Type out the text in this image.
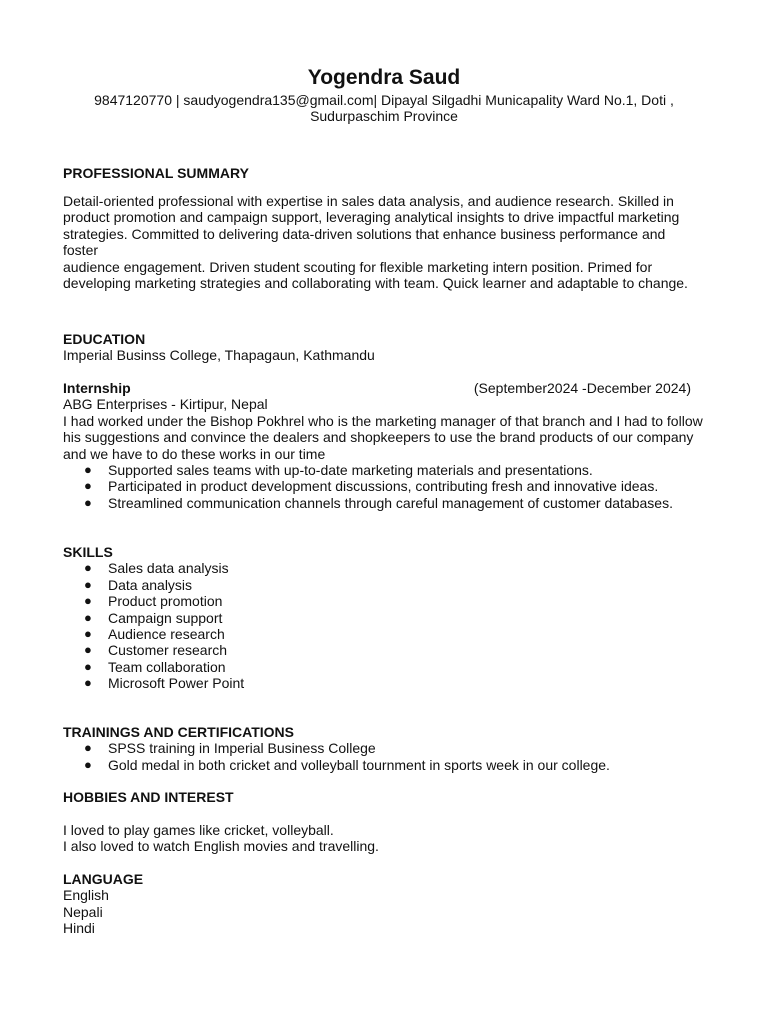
Yogendra Saud
9847120770 | saudyogendra135@gmail.com| Dipayal Silgadhi Municapality Ward No.1, Doti ,
Sudurpaschim Province
PROFESSIONAL SUMMARY
Detail-oriented professional with expertise in sales data analysis, and audience research. Skilled in
product promotion and campaign support, leveraging analytical insights to drive impactful marketing
strategies. Committed to delivering data-driven solutions that enhance business performance and foster
audience engagement. Driven student scouting for flexible marketing intern position. Primed for
developing marketing strategies and collaborating with team. Quick learner and adaptable to change.
EDUCATION
Imperial Businss College, Thapagaun, Kathmandu
Internship	(September2024 -December 2024)
ABG Enterprises - Kirtipur, Nepal
I had worked under the Bishop Pokhrel who is the marketing manager of that branch and I had to follow
his suggestions and convince the dealers and shopkeepers to use the brand products of our company
and we have to do these works in our time
● Supported sales teams with up-to-date marketing materials and presentations.
● Participated in product development discussions, contributing fresh and innovative ideas.
● Streamlined communication channels through careful management of customer databases.
SKILLS
● Sales data analysis
● Data analysis
● Product promotion
● Campaign support
● Audience research
● Customer research
● Team collaboration
● Microsoft Power Point
TRAININGS AND CERTIFICATIONS
● SPSS training in Imperial Business College
● Gold medal in both cricket and volleyball tournment in sports week in our college.
HOBBIES AND INTEREST
I loved to play games like cricket, volleyball.
I also loved to watch English movies and travelling.
LANGUAGE
English
Nepali
Hindi
